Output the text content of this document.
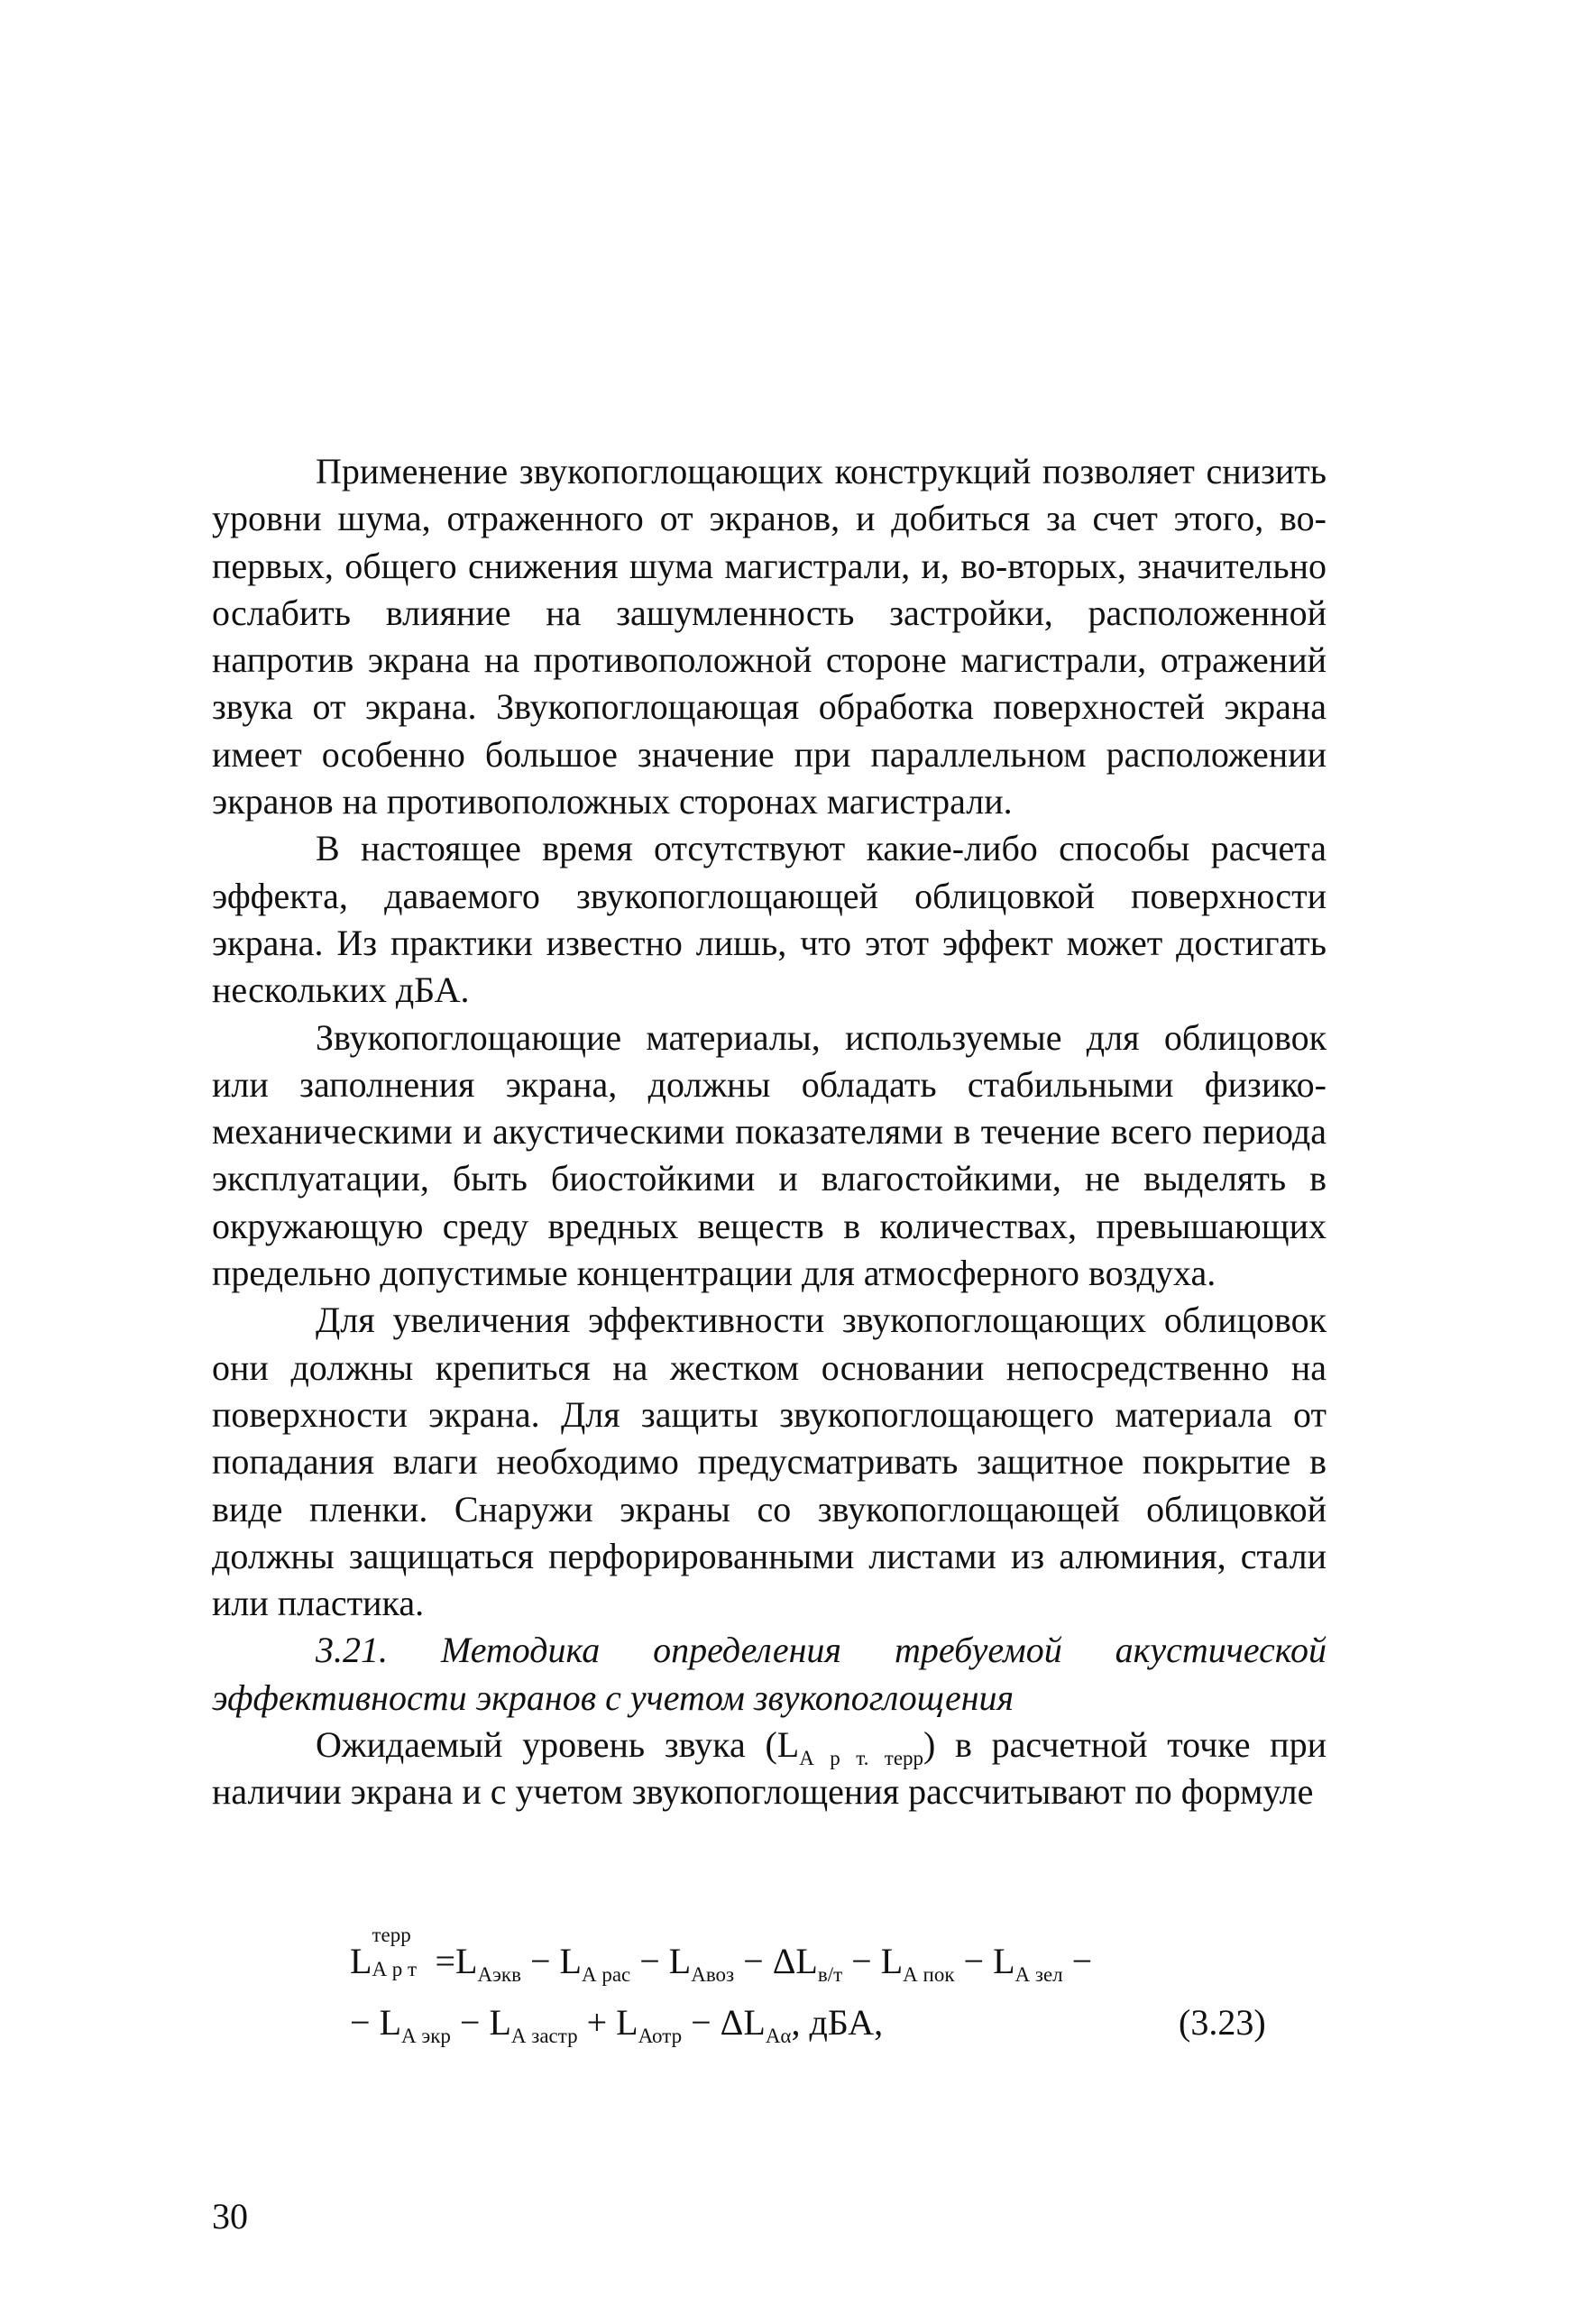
Применение звукопоглощающих конструкций позволяет снизить уровни шума, отраженного от экранов, и добиться за счет этого, во-первых, общего снижения шума магистрали, и, во-вторых, значительно ослабить влияние на зашумленность застройки, расположенной напротив экрана на противоположной стороне магистрали, отражений звука от экрана. Звукопоглощающая обработка поверхностей экрана имеет особенно большое значение при параллельном расположении экранов на противоположных сторонах магистрали.

В настоящее время отсутствуют какие-либо способы расчета эффекта, даваемого звукопоглощающей облицовкой поверхности экрана. Из практики известно лишь, что этот эффект может достигать нескольких дБА.

Звукопоглощающие материалы, используемые для облицовок или заполнения экрана, должны обладать стабильными физико-механическими и акустическими показателями в течение всего периода эксплуатации, быть биостойкими и влагостойкими, не выделять в окружающую среду вредных веществ в количествах, превышающих предельно допустимые концентрации для атмосферного воздуха.

Для увеличения эффективности звукопоглощающих облицовок они должны крепиться на жестком основании непосредственно на поверхности экрана. Для защиты звукопоглощающего материала от попадания влаги необходимо предусматривать защитное покрытие в виде пленки. Снаружи экраны со звукопоглощающей облицовкой должны защищаться перфорированными листами из алюминия, стали или пластика.

3.21. Методика определения требуемой акустической эффективности экранов с учетом звукопоглощения

Ожидаемый уровень звука $(L_{А р т. терр})$ в расчетной точке при наличии экрана и с учетом звукопоглощения рассчитывают по формуле

L
терр
А р $т =L_{Аэкв} - L_{А рас} - L_{Авоз} - \Delta L_{в/т} - L_{А пок} - L_{А зел}$ −
− $L_{А экр} - L_{А застр} + L_{Аотр} - \Delta L_{А\alpha}$, дБА,	(3.23)
30
